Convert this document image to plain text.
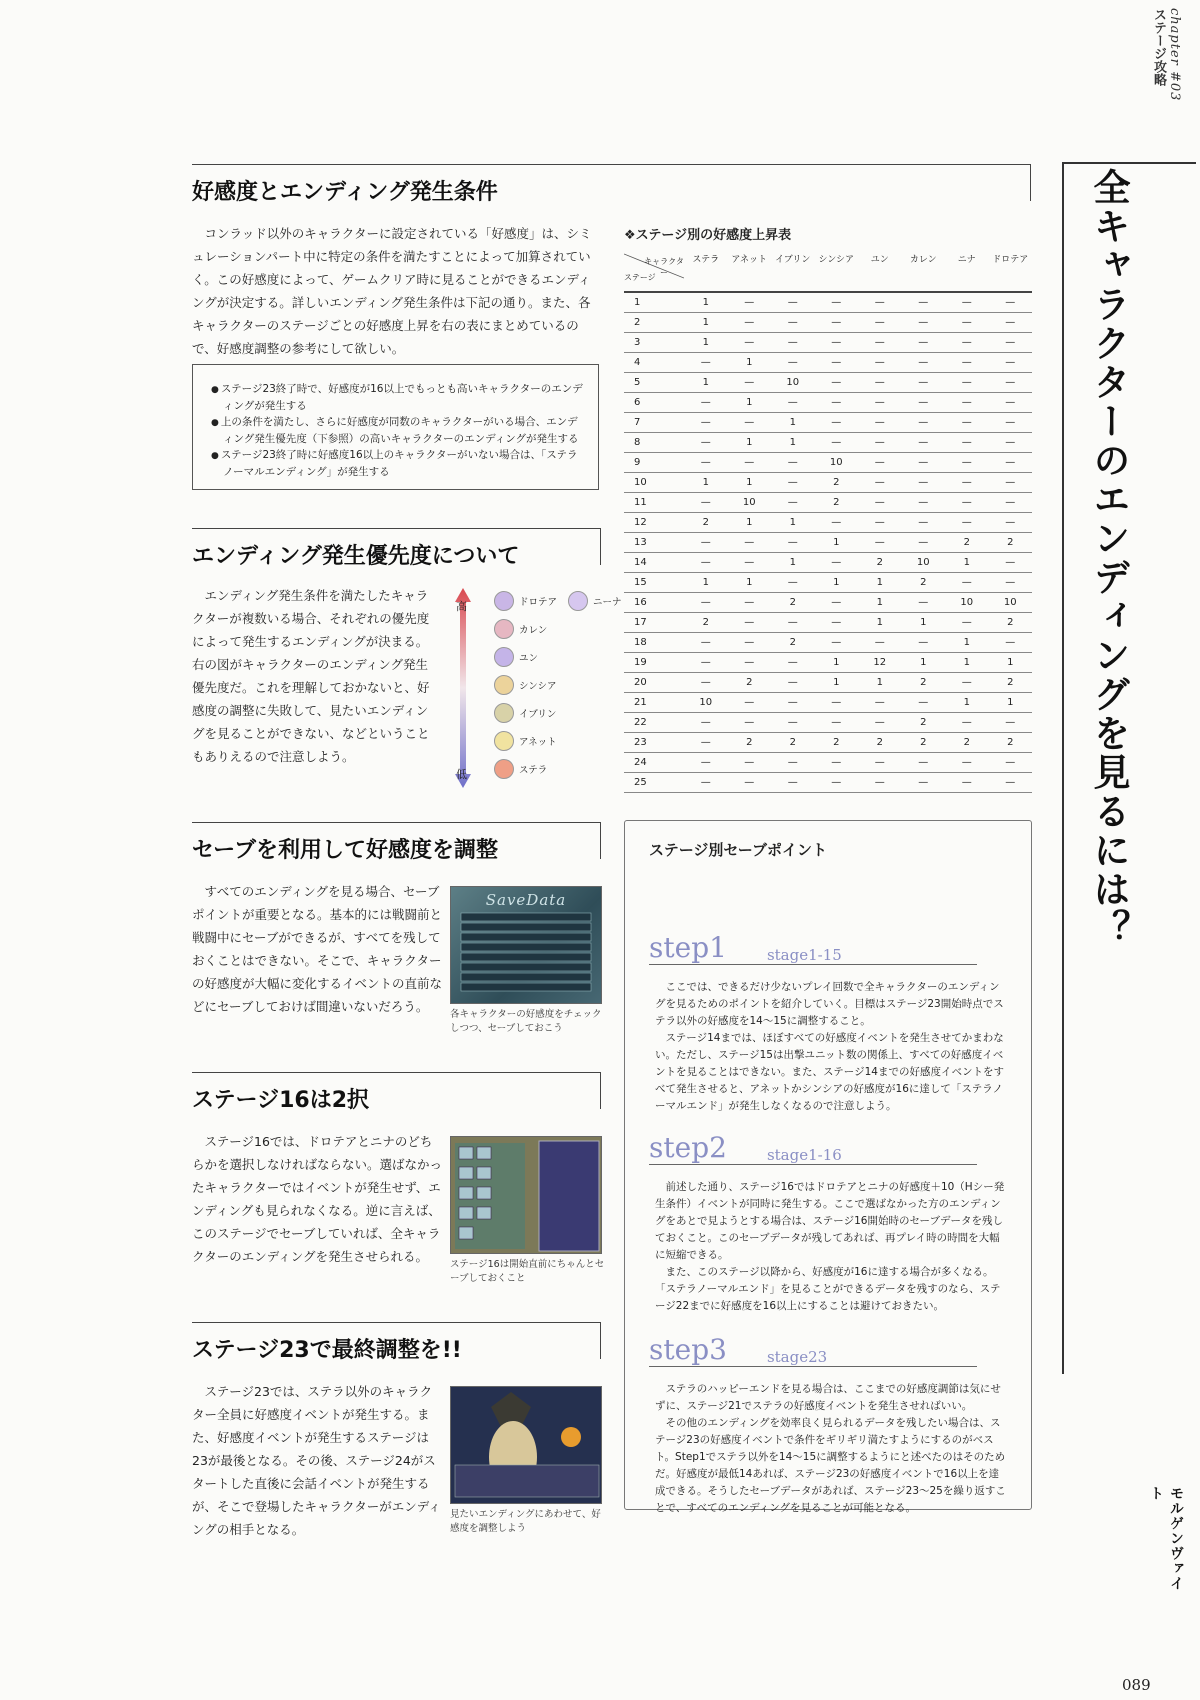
chapter #03 ステージ攻略
全キャラクターのエンディングを見るには？
好感度とエンディング発生条件

コンラッド以外のキャラクターに設定されている「好感度」は、シミュレーションパート中に特定の条件を満たすことによって加算されていく。この好感度によって、ゲームクリア時に見ることができるエンディングが決定する。詳しいエンディング発生条件は下記の通り。また、各キャラクターのステージごとの好感度上昇を右の表にまとめているので、好感度調整の参考にして欲しい。

● ステージ23終了時で、好感度が16以上でもっとも高いキャラクターのエンディングが発生する
● 上の条件を満たし、さらに好感度が同数のキャラクターがいる場合、エンディング発生優先度（下参照）の高いキャラクターのエンディングが発生する
● ステージ23終了時に好感度16以上のキャラクターがいない場合は、「ステラノーマルエンディング」が発生する
エンディング発生優先度について

エンディング発生条件を満たしたキャラクターが複数いる場合、それぞれの優先度によって発生するエンディングが決まる。右の図がキャラクターのエンディング発生優先度だ。これを理解しておかないと、好感度の調整に失敗して、見たいエンディングを見ることができない、などということもありえるので注意しよう。

高
低
ドロテア	ニーナ
カレン
ユン
シンシア
イブリン
アネット
ステラ
❖ステージ別の好感度上昇表
キャラクター
ステージ	ステラ	アネット	イブリン	シンシア	ユン	カレン	ニナ	ドロテア
1	1	—	—	—	—	—	—	—
2	1	—	—	—	—	—	—	—
3	1	—	—	—	—	—	—	—
4	—	1	—	—	—	—	—	—
5	1	—	10	—	—	—	—	—
6	—	1	—	—	—	—	—	—
7	—	—	1	—	—	—	—	—
8	—	1	1	—	—	—	—	—
9	—	—	—	10	—	—	—	—
10	1	1	—	2	—	—	—	—
11	—	10	—	2	—	—	—	—
12	2	1	1	—	—	—	—	—
13	—	—	—	1	—	—	2	2
14	—	—	1	—	2	10	1	—
15	1	1	—	1	1	2	—	—
16	—	—	2	—	1	—	10	10
17	2	—	—	—	1	1	—	2
18	—	—	2	—	—	—	1	—
19	—	—	—	1	12	1	1	1
20	—	2	—	1	1	2	—	2
21	10	—	—	—	—	—	1	1
22	—	—	—	—	—	2	—	—
23	—	2	2	2	2	2	2	2
24	—	—	—	—	—	—	—	—
25	—	—	—	—	—	—	—	—
セーブを利用して好感度を調整

すべてのエンディングを見る場合、セーブポイントが重要となる。基本的には戦闘前と戦闘中にセーブができるが、すべてを残しておくことはできない。そこで、キャラクターの好感度が大幅に変化するイベントの直前などにセーブしておけば間違いないだろう。

SaveData
各キャラクターの好感度をチェックしつつ、セーブしておこう
ステージ16は2択

ステージ16では、ドロテアとニナのどちらかを選択しなければならない。選ばなかったキャラクターではイベントが発生せず、エンディングも見られなくなる。逆に言えば、このステージでセーブしていれば、全キャラクターのエンディングを発生させられる。

ステージ16は開始直前にちゃんとセーブしておくこと
ステージ23で最終調整を!!

ステージ23では、ステラ以外のキャラクター全員に好感度イベントが発生する。また、好感度イベントが発生するステージは23が最後となる。その後、ステージ24がスタートした直後に会話イベントが発生するが、そこで登場したキャラクターがエンディングの相手となる。

見たいエンディングにあわせて、好感度を調整しよう
ステージ別セーブポイント
step1	stage1-15

ここでは、できるだけ少ないプレイ回数で全キャラクターのエンディングを見るためのポイントを紹介していく。目標はステージ23開始時点でステラ以外の好感度を14〜15に調整すること。

ステージ14までは、ほぼすべての好感度イベントを発生させてかまわない。ただし、ステージ15は出撃ユニット数の関係上、すべての好感度イベントを見ることはできない。また、ステージ14までの好感度イベントをすべて発生させると、アネットかシンシアの好感度が16に達して「ステラノーマルエンド」が発生しなくなるので注意しよう。

step2	stage1-16

前述した通り、ステージ16ではドロテアとニナの好感度＋10（Hシー発生条件）イベントが同時に発生する。ここで選ばなかった方のエンディングをあとで見ようとする場合は、ステージ16開始時のセーブデータを残しておくこと。このセーブデータが残してあれば、再プレイ時の時間を大幅に短縮できる。

また、このステージ以降から、好感度が16に達する場合が多くなる。「ステラノーマルエンド」を見ることができるデータを残すのなら、ステージ22までに好感度を16以上にすることは避けておきたい。

step3	stage23

ステラのハッピーエンドを見る場合は、ここまでの好感度調節は気にせずに、ステージ21でステラの好感度イベントを発生させればいい。

その他のエンディングを効率良く見られるデータを残したい場合は、ステージ23の好感度イベントで条件をギリギリ満たすようにするのがベスト。Step1でステラ以外を14〜15に調整するようにと述べたのはそのためだ。好感度が最低14あれば、ステージ23の好感度イベントで16以上を達成できる。そうしたセーブデータがあれば、ステージ23〜25を繰り返すことで、すべてのエンディングを見ることが可能となる。	モルゲンヴァイト
089
